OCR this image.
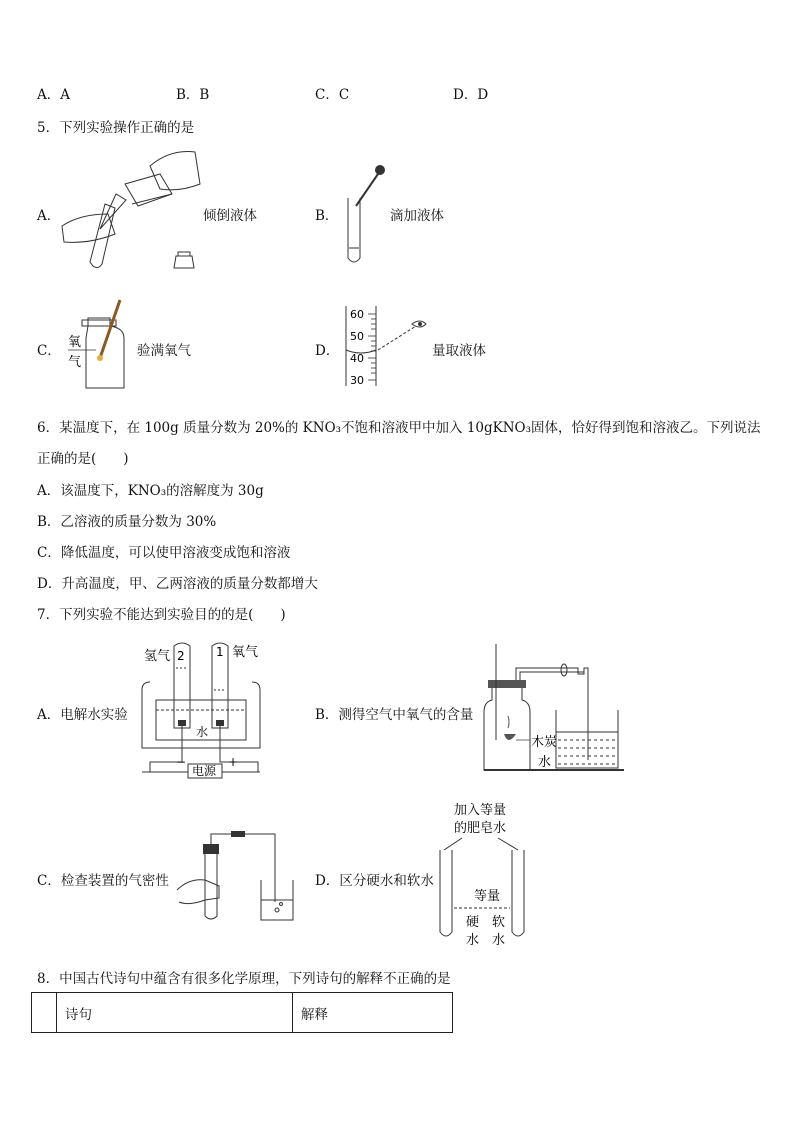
A．A	B．B	C．C	D．D
5．下列实验操作正确的是
A．	倾倒液体	B．	滴加液体
C．
氧
气
验满氧气	D．
60
50
40
30
量取液体
6．某温度下，在 100g 质量分数为 20%的 KNO₃不饱和溶液甲中加入 10gKNO₃固体，恰好得到饱和溶液乙。下列说法
正确的是(　　)
A．该温度下，KNO₃的溶解度为 30g
B．乙溶液的质量分数为 30%
C．降低温度，可以使甲溶液变成饱和溶液
D．升高温度，甲、乙两溶液的质量分数都增大
7．下列实验不能达到实验目的的是(　　)
A．电解水实验
氢气	氧气
2	1
水
电源
−	+
B．测得空气中氧气的含量
木炭
水
C．检查装置的气密性	D．区分硬水和软水
加入等量
的肥皂水
等量
硬
水
软
水
8．中国古代诗句中蕴含有很多化学原理，下列诗句的解释不正确的是
	诗句	解释
